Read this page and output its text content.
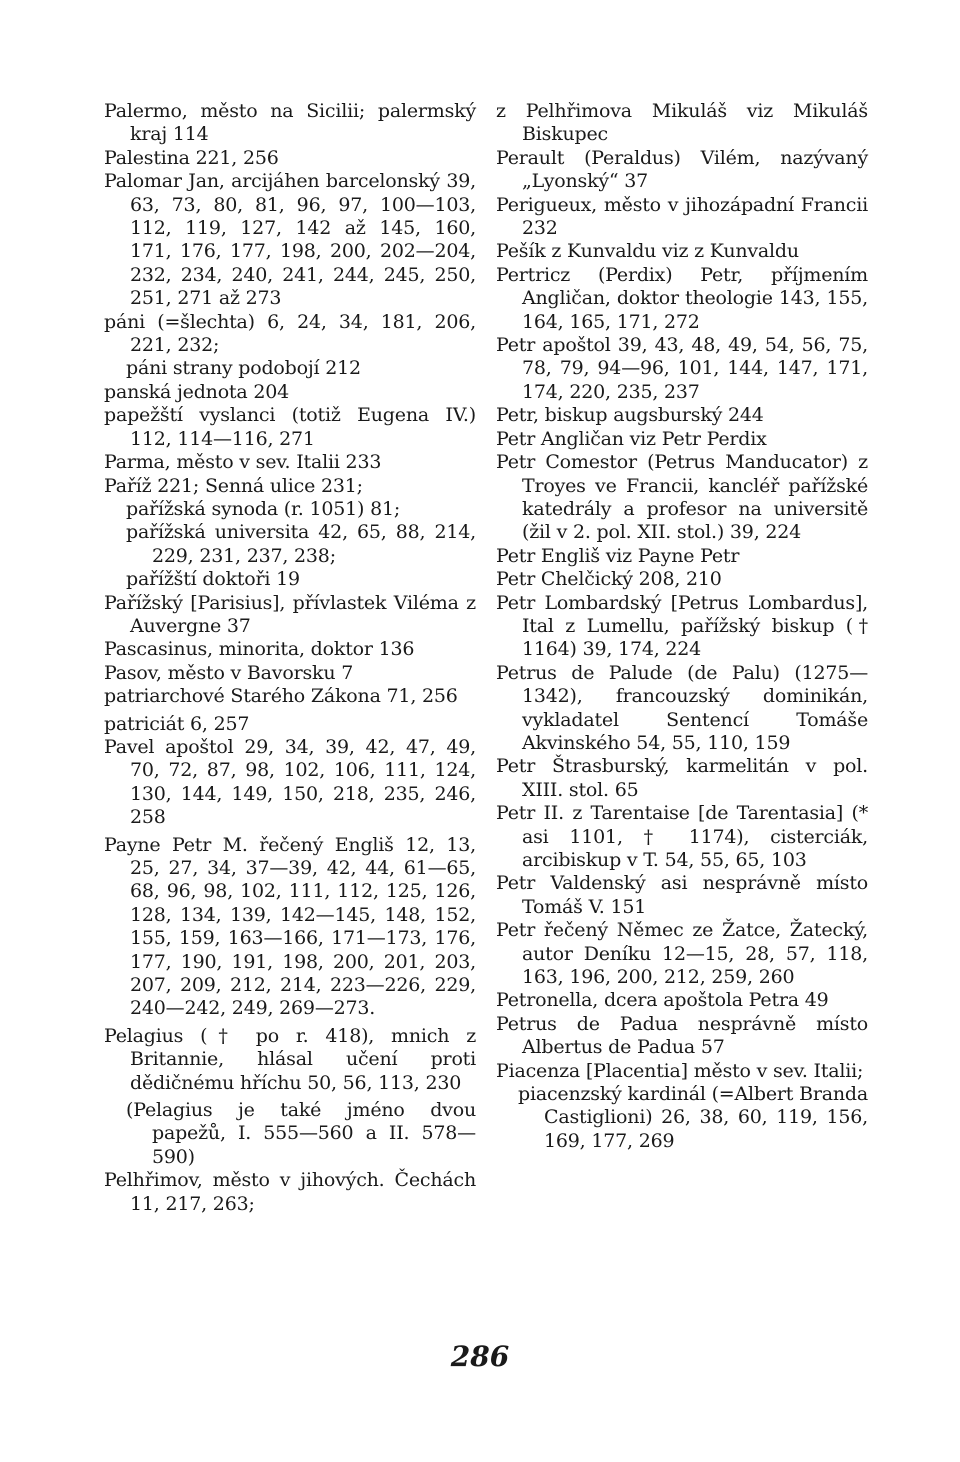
Palermo, město na Sicilii; palermský kraj 114

Palestina 221, 256

Palomar Jan, arcijáhen barcelonský 39, 63, 73, 80, 81, 96, 97, 100—103, 112, 119, 127, 142 až 145, 160, 171, 176, 177, 198, 200, 202—204, 232, 234, 240, 241, 244, 245, 250, 251, 271 až 273

páni (=šlechta) 6, 24, 34, 181, 206, 221, 232;

páni strany podobojí 212

panská jednota 204

papežští vyslanci (totiž Eugena IV.) 112, 114—116, 271

Parma, město v sev. Italii 233

Paříž 221; Senná ulice 231;

pařížská synoda (r. 1051) 81;

pařížská universita 42, 65, 88, 214, 229, 231, 237, 238;

pařížští doktoři 19

Pařížský [Parisius], přívlastek Viléma z Auvergne 37

Pascasinus, minorita, doktor 136

Pasov, město v Bavorsku 7

patriarchové Starého Zákona 71, 256

patriciát 6, 257

Pavel apoštol 29, 34, 39, 42, 47, 49, 70, 72, 87, 98, 102, 106, 111, 124, 130, 144, 149, 150, 218, 235, 246, 258

Payne Petr M. řečený Engliš 12, 13, 25, 27, 34, 37—39, 42, 44, 61—65, 68, 96, 98, 102, 111, 112, 125, 126, 128, 134, 139, 142—145, 148, 152, 155, 159, 163—166, 171—173, 176, 177, 190, 191, 198, 200, 201, 203, 207, 209, 212, 214, 223—226, 229, 240—242, 249, 269—273.

Pelagius († po r. 418), mnich z Britannie, hlásal učení proti dědičnému hříchu 50, 56, 113, 230

(Pelagius je také jméno dvou papežů, I. 555—560 a II. 578—590)

Pelhřimov, město v jihových. Čechách 11, 217, 263;

z Pelhřimova Mikuláš viz Mikuláš Biskupec

Perault (Peraldus) Vilém, nazývaný „Lyonský“ 37

Perigueux, město v jihozápadní Francii 232

Pešík z Kunvaldu viz z Kunvaldu

Pertricz (Perdix) Petr, příjmením Angličan, doktor theologie 143, 155, 164, 165, 171, 272

Petr apoštol 39, 43, 48, 49, 54, 56, 75, 78, 79, 94—96, 101, 144, 147, 171, 174, 220, 235, 237

Petr, biskup augsburský 244

Petr Angličan viz Petr Perdix

Petr Comestor (Petrus Manducator) z Troyes ve Francii, kancléř pařížské katedrály a profesor na universitě (žil v 2. pol. XII. stol.) 39, 224

Petr Engliš viz Payne Petr

Petr Chelčický 208, 210

Petr Lombardský [Petrus Lombardus], Ital z Lumellu, pařížský biskup († 1164) 39, 174, 224

Petrus de Palude (de Palu) (1275—1342), francouzský dominikán, vykladatel Sentencí Tomáše Akvinského 54, 55, 110, 159

Petr Štrasburský, karmelitán v pol. XIII. stol. 65

Petr II. z Tarentaise [de Tarentasia] (* asi 1101, † 1174), cisterciák, arcibiskup v T. 54, 55, 65, 103

Petr Valdenský asi nesprávně místo Tomáš V. 151

Petr řečený Němec ze Žatce, Žatecký, autor Deníku 12—15, 28, 57, 118, 163, 196, 200, 212, 259, 260

Petronella, dcera apoštola Petra 49

Petrus de Padua nesprávně místo Albertus de Padua 57

Piacenza [Placentia] město v sev. Italii;

piacenzský kardinál (=Albert Branda Castiglioni) 26, 38, 60, 119, 156, 169, 177, 269

286
